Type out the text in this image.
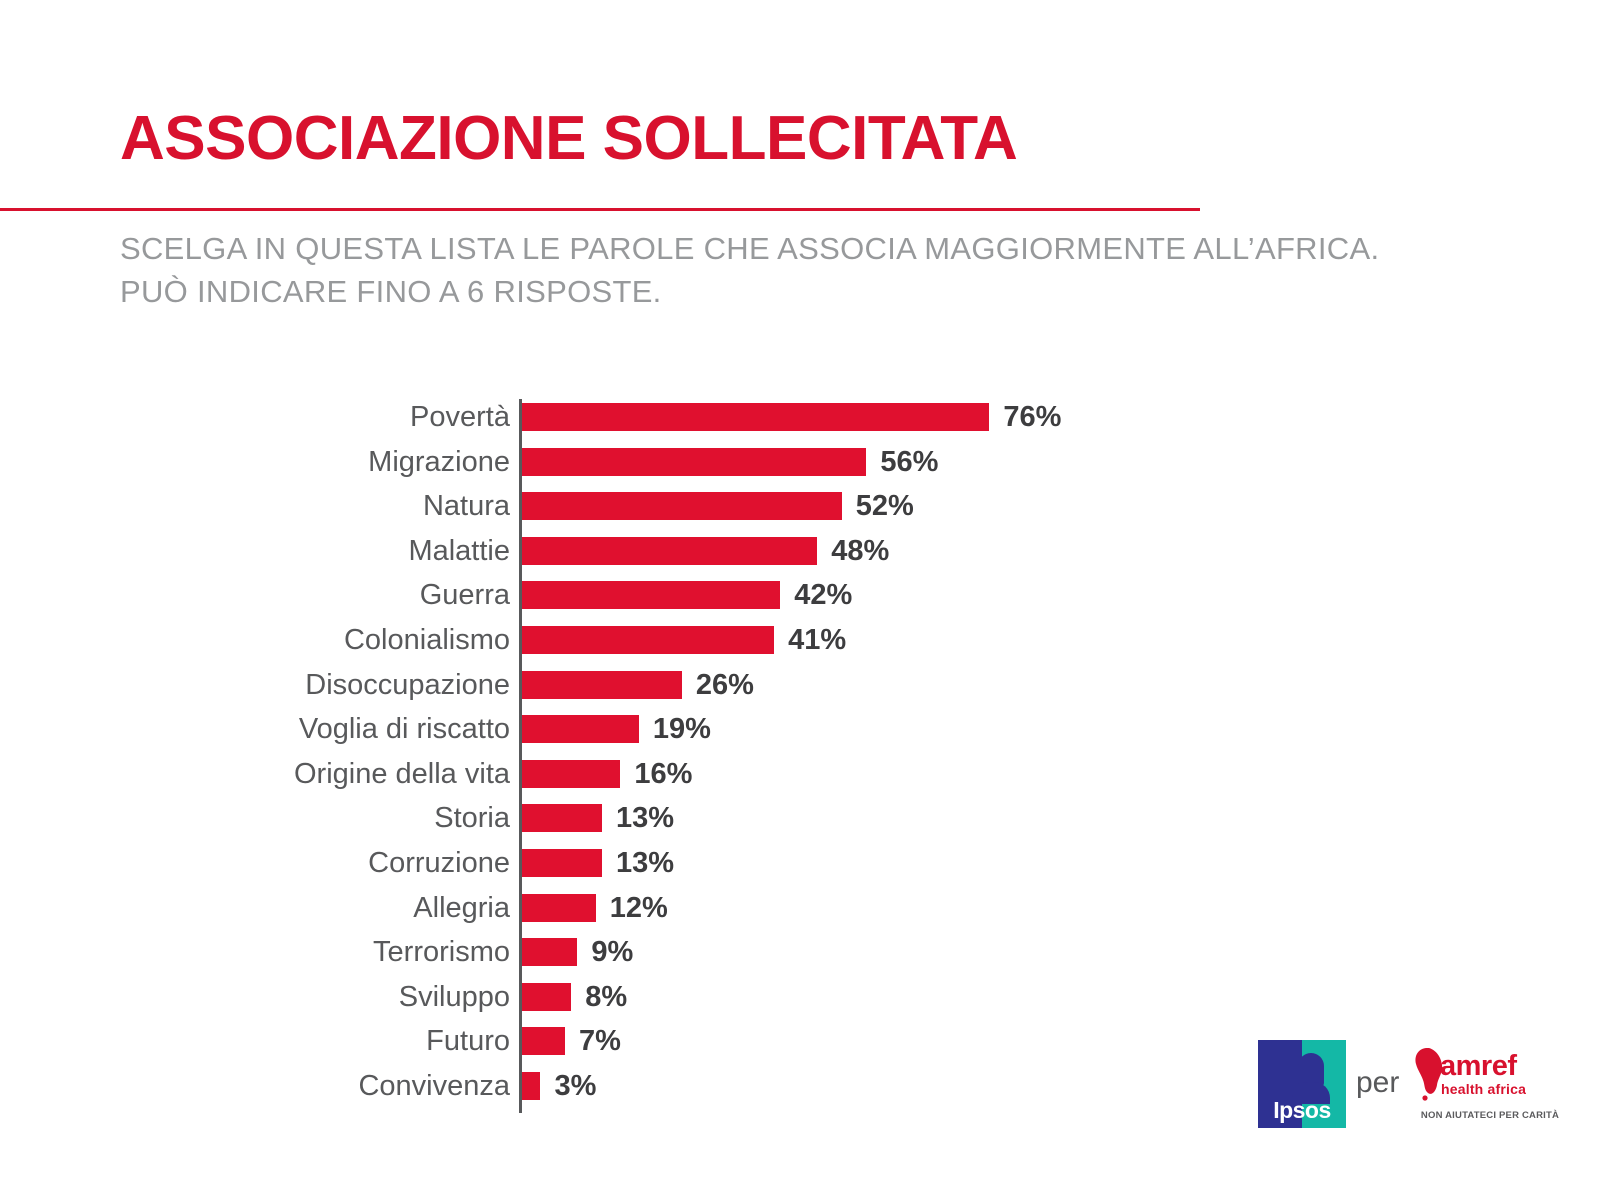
ASSOCIAZIONE SOLLECITATA
SCELGA IN QUESTA LISTA LE PAROLE CHE ASSOCIA MAGGIORMENTE ALL’AFRICA. PUÒ INDICARE FINO A 6 RISPOSTE.
Povertà	76%
Migrazione	56%
Natura	52%
Malattie	48%
Guerra	42%
Colonialismo	41%
Disoccupazione	26%
Voglia di riscatto	19%
Origine della vita	16%
Storia	13%
Corruzione	13%
Allegria	12%
Terrorismo	9%
Sviluppo	8%
Futuro 7%
Convivenza 3%
Ipsos
per amref
health africa
NON AIUTATECI PER CARITÀ
